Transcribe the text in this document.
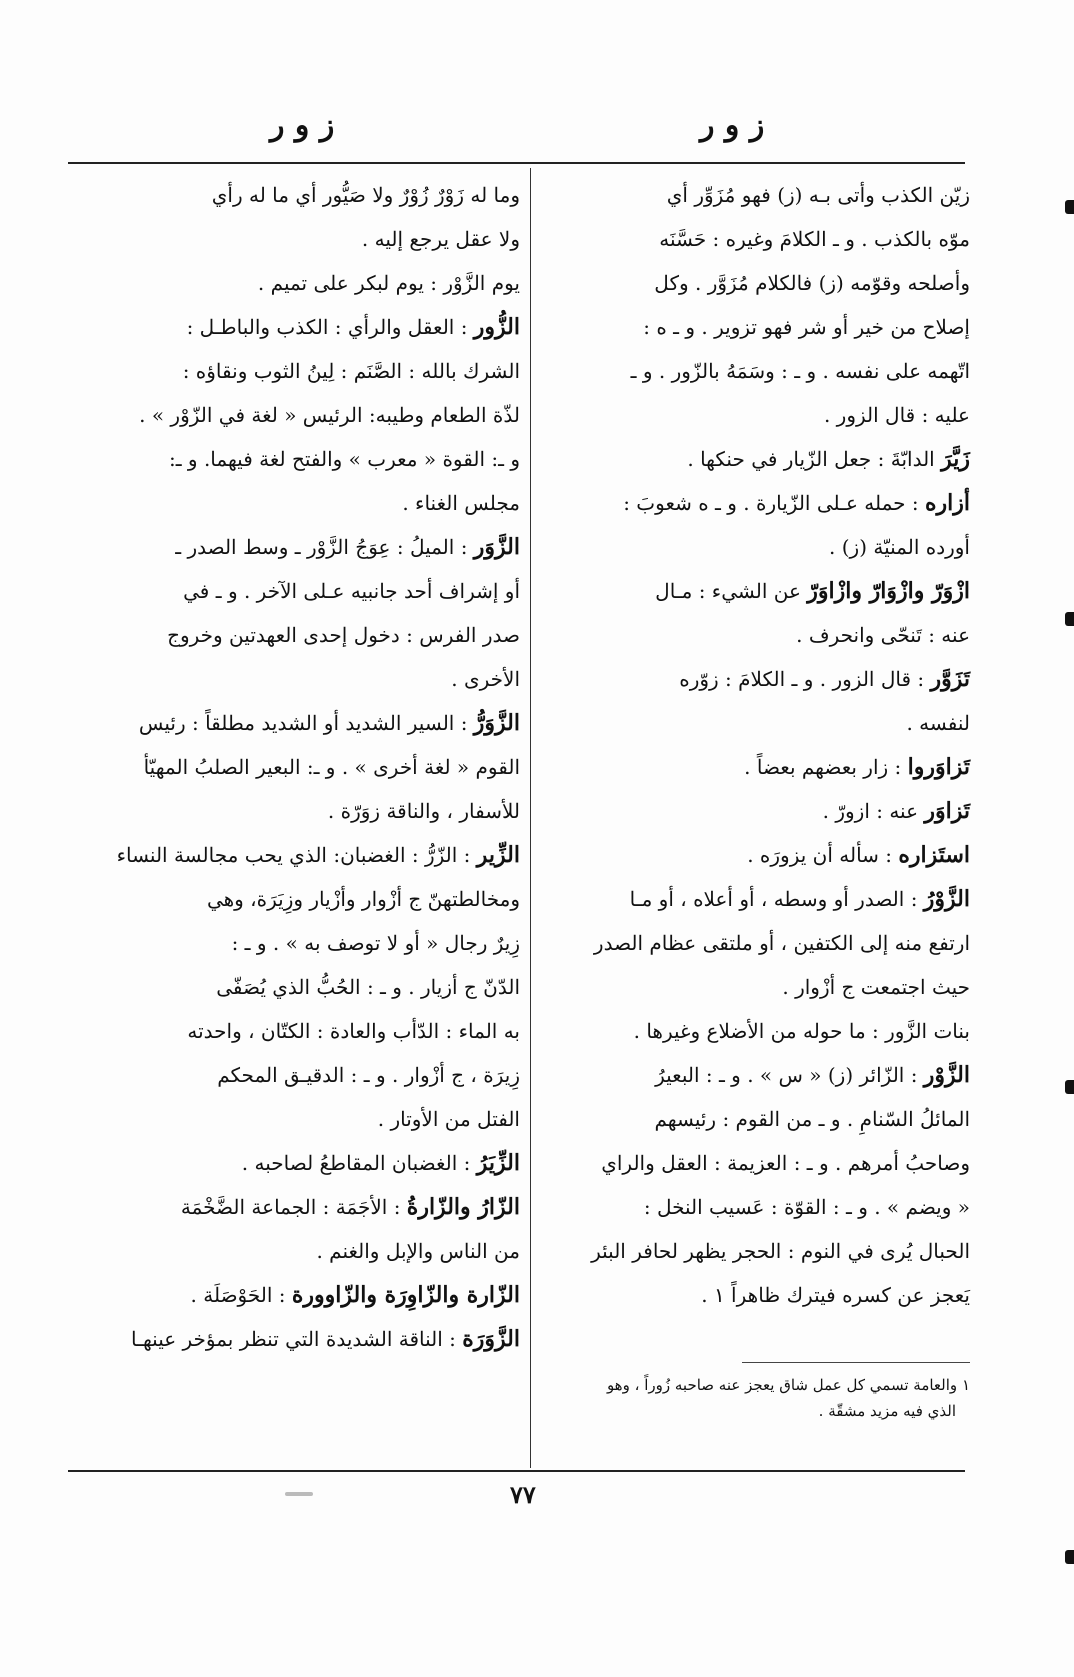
ز و ر
ز و ر
زيّن الكذب وأتى بـه (ز) فهو مُزَوِّر أي
موّه بالكذب . و ـ الكلامَ وغيره : حَسَّنَه
وأصلحه وقوّمه (ز) فالكلام مُزَوَّر . وكل
إصلاح من خير أو شر فهو تزوير . و ـ ه :
اتّهمه على نفسه . و ـ : وسَمَهُ بالزّور . و ـ
عليه : قال الزور .
زَيَّرَ الدابّةَ : جعل الزّيار في حنكها .
أزاره : حمله عـلى الزّيارة . و ـ ه شعوبَ :
أورده المنيّة (ز) .
ازْوَرّ وازْوَارّ وازْاوَرّ عن الشيء : مـال
عنه : تَنحّى وانحرف .
تَزَوَّر : قال الزور . و ـ الكلامَ : زوّره
لنفسه .
تَزاوَروا : زار بعضهم بعضاً .
تَزاوَر عنه : ازورّ .
استَزاره : سأله أن يزورَه .
الزَّوْرُ : الصدر أو وسطه ، أو أعلاه ، أو مـا
ارتفع منه إلى الكتفين ، أو ملتقى عظام الصدر
حيث اجتمعت ج أزْوار .
بنات الزَّور : ما حوله من الأضلاع وغيرها .
الزَّوْر : الزّائر (ز) « س » . و ـ : البعيرُ
المائلُ السّنامِ . و ـ من القوم : رئيسهم
وصاحبُ أمرهم . و ـ : العزيمة : العقل والراي
« ويضم » . و ـ : القوّة : عَسيب النخل :
الحبال يُرى في النوم : الحجر يظهر لحافر البئر
يَعجز عن كسره فيترك ظاهراً ١ .
وما له زَوْرٌ زُوْرٌ ولا صَيُّور أي ما له رأي
ولا عقل يرجع إليه .
يوم الزَّوْر : يوم لبكر على تميم .
الزُّور : العقل والرأي : الكذب والباطـل :
الشرك بالله : الصَّنَم : لِينُ الثوب ونقاؤه :
لذّة الطعام وطيبه: الرئيس « لغة في الزّوْر » .
و ـ: القوة « معرب » والفتح لغة فيهما. و ـ:
مجلس الغناء .
الزَّوَر : الميلُ : عِوَجُ الزَّوْر ـ وسط الصدر ـ
أو إشراف أحد جانبيه عـلى الآخر . و ـ في
صدر الفرس : دخول إحدى العهدتين وخروج
الأخرى .
الزَّوَرُّ : السير الشديد أو الشديد مطلقاً : رئيس
القوم « لغة أخرى » . و ـ: البعير الصلبُ المهيّأ
للأسفار ، والناقة زوَرّة .
الزِّير : الزّرُّ : الغضبان: الذي يحب مجالسة النساء
ومخالطتهنّ ج أزْوار وأزْيار وزِيَرَة، وهي
زِيرٌ رجال « أو لا توصف به » . و ـ :
الدّنّ ج أزيار . و ـ : الحُبُّ الذي يُصَفّى
به الماء : الدّأب والعادة : الكتّان ، واحدته
زِيرَة ، ج أزْوار . و ـ : الدقيـق المحكم
الفتل من الأوتار .
الزِّيَرُ : الغضبان المقاطعُ لصاحبه .
الزّارُ والزّارةُ : الأجَمَة : الجماعة الضَّخْمَة
من الناس والإبل والغنم .
الزّارة والزّاوِرَة والزّاوورة : الحَوْصَلَة .
الزَّوَرَة : الناقة الشديدة التي تنظر بمؤخر عينهـا
١ والعامة تسمي كل عمل شاق يعجز عنه صاحبه زُوراً ، وهو
الذي فيه مزيد مشقّة .
٧٧
